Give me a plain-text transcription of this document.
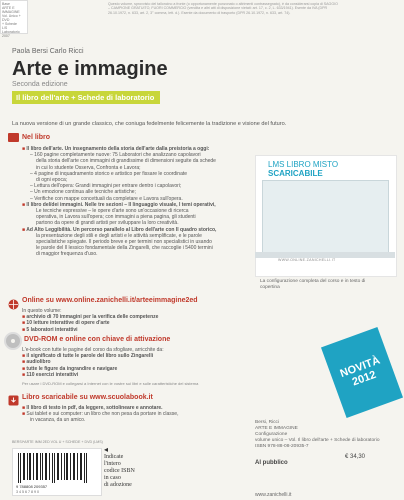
Base
ARTE E IMMAGINE
Vol. Unico + DVD
+ Schede
L/S
Laboratorio
2007
Questo volume, sprovvisto del talloncino a fronte (o opportunamente punzonato o altrimenti contrassegnato), è da considerarsi copia di SAGGIO – CAMPIONE GRATUITO, FUORI COMMERCIO (vendita e altri atti di disposizione vietati: art. 17, c. 2, L. 633/1941). Esente da IVA (DPR 26.10.1972, n. 633, art. 2, 3° comma, lett. d.). Esente da documento di trasporto (DPR 26.10.1972, n. 633, art. 74).
Paola Bersi Carlo Ricci
Arte e immagine
Seconda edizione
Il libro dell'arte + Schede di laboratorio
La nuova versione di un grande classico, che coniuga fedelmente felicemente la tradizione e visione del futuro.
Nel libro
■ Il libro dell'arte. Un insegnamento della storia dell'arte dalla preistoria a oggi:
– 160 pagine completamente nuove: 75 Laboratori che analizzano capolavori
della storia dell'arte con immagini di grandissime di dimensioni seguite da schede
in cui lo studente Osserva, Confronta e Lavora;
– 4 pagine di inquadramento storico e artistico per fissare le coordinate
di ogni epoca;
– Lettura dell'opera: Grandi immagini per entrare dentro i capolavori;
– Un emozione continua alle tecniche artistiche;
– Verifiche con mappe concettuali da completare e Lavora sull'opera.
■ Il libro del/dei immagini. Nelle tre sezioni – Il linguaggio visuale, I temi operativi,
Le tecniche espressive – le opere d'arte sono un'occasione di ricerca
operativa, in Lavora sull'opera; con immagini a piena pagina, gli studenti
partono da opere di grandi artisti per sviluppare la loro creatività.
■ Ad Alto Leggibilità. Un percorso parallelo al Libro dell'arte con Il quadro storico,
la presentazione degli stili e degli artisti e le attività semplificate, e le parole
specialistiche spiegate. Il periodo breve e per termini non specialistici in usando
le parole del Il lessico fondamentale della Zingarelli, che raccoglie i 5400 termini
di maggior frequenza d'uso.
LMS LIBRO MISTO
SCARICABILE
WWW.ONLINE.ZANICHELLI.IT
La configurazione completa del corso e in testo di copertina
Online su www.online.zanichelli.it/arteeimmagine2ed
In questo volume:
■ archivio di 70 immagini per la verifica delle competenze
■ 10 letture interattive di opere d'arte
■ 5 laboratori interattivi
DVD-ROM e online con chiave di attivazione
L'e-book con tutte le pagine del corso da sfogliare, arricchite da:
■ il significato di tutte le parole del libro sullo Zingarelli
■ audiolibro
■ tutte le figure da ingrandire e navigare
■ 110 esercizi interattivi
Per usare i DVD-ROM e collegarsi a Internet con le vostre sui libri e sulle caratteristiche del sistema
Libro scaricabile su www.scuolabook.it
■ Il libro di testo in pdf, da leggere, sottolineare e annotare.
■ Sui tablet e sui computer: un libro che non pesa da portare in classe,
in vacanza, da un amico.
NOVITÀ 2012
BERSI*ARTE IMM 2ED VOL U + SCHEDE + DVD (LMS)
9 788808 209357
3 4 5 6 7 8 9 0
◂
Indicate
l'intero
codice ISBN
in caso
di adozione
Bersi, Ricci
ARTE E IMMAGINE
Configurazione
volume unico – Vol. Il libro dell'arte + Schede di laboratorio
ISBN 978-88-08-20935-7
Al pubblico
€ 34,30
www.zanichelli.it
